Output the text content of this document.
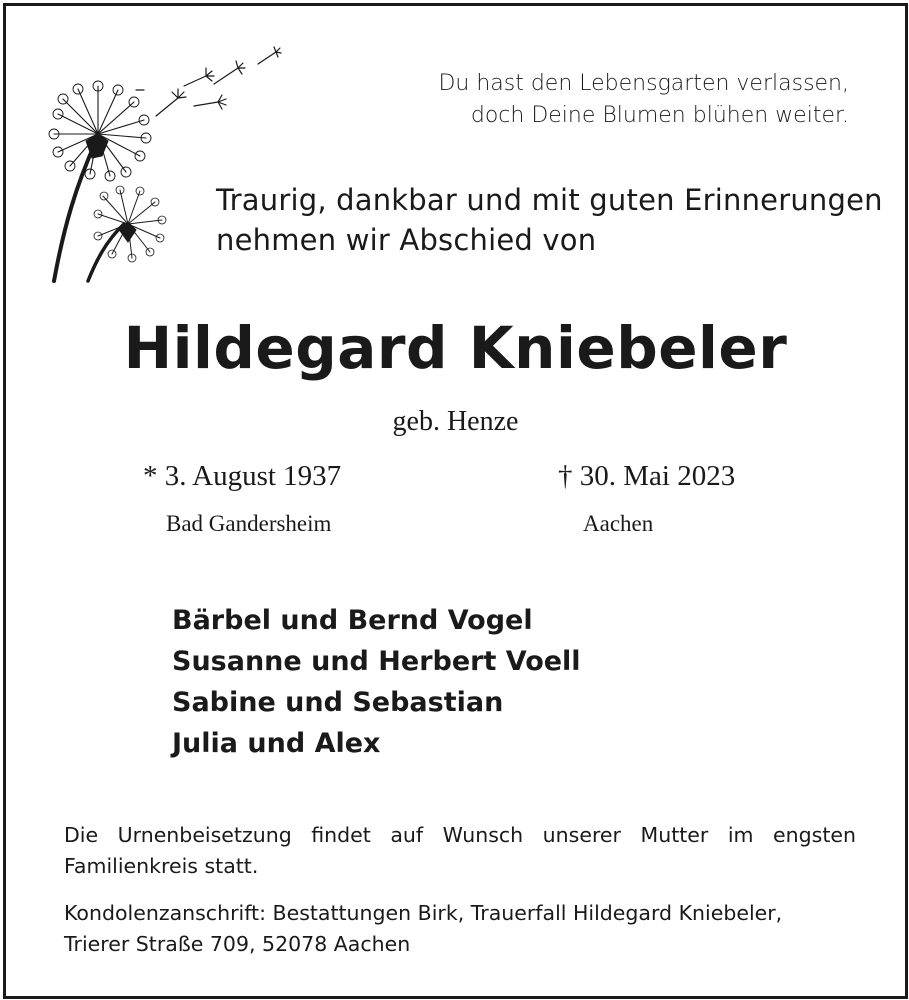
Du hast den Lebensgarten verlassen,
doch Deine Blumen blühen weiter.
Traurig, dankbar und mit guten Erinnerungen
nehmen wir Abschied von
Hildegard Kniebeler
geb. Henze
* 3. August 1937
Bad Gandersheim
† 30. Mai 2023
Aachen
Bärbel und Bernd Vogel
Susanne und Herbert Voell
Sabine und Sebastian
Julia und Alex
Die Urnenbeisetzung findet auf Wunsch unserer Mutter im engsten Familienkreis statt.
Kondolenzanschrift: Bestattungen Birk, Trauerfall Hildegard Kniebeler,
Trierer Straße 709, 52078 Aachen
